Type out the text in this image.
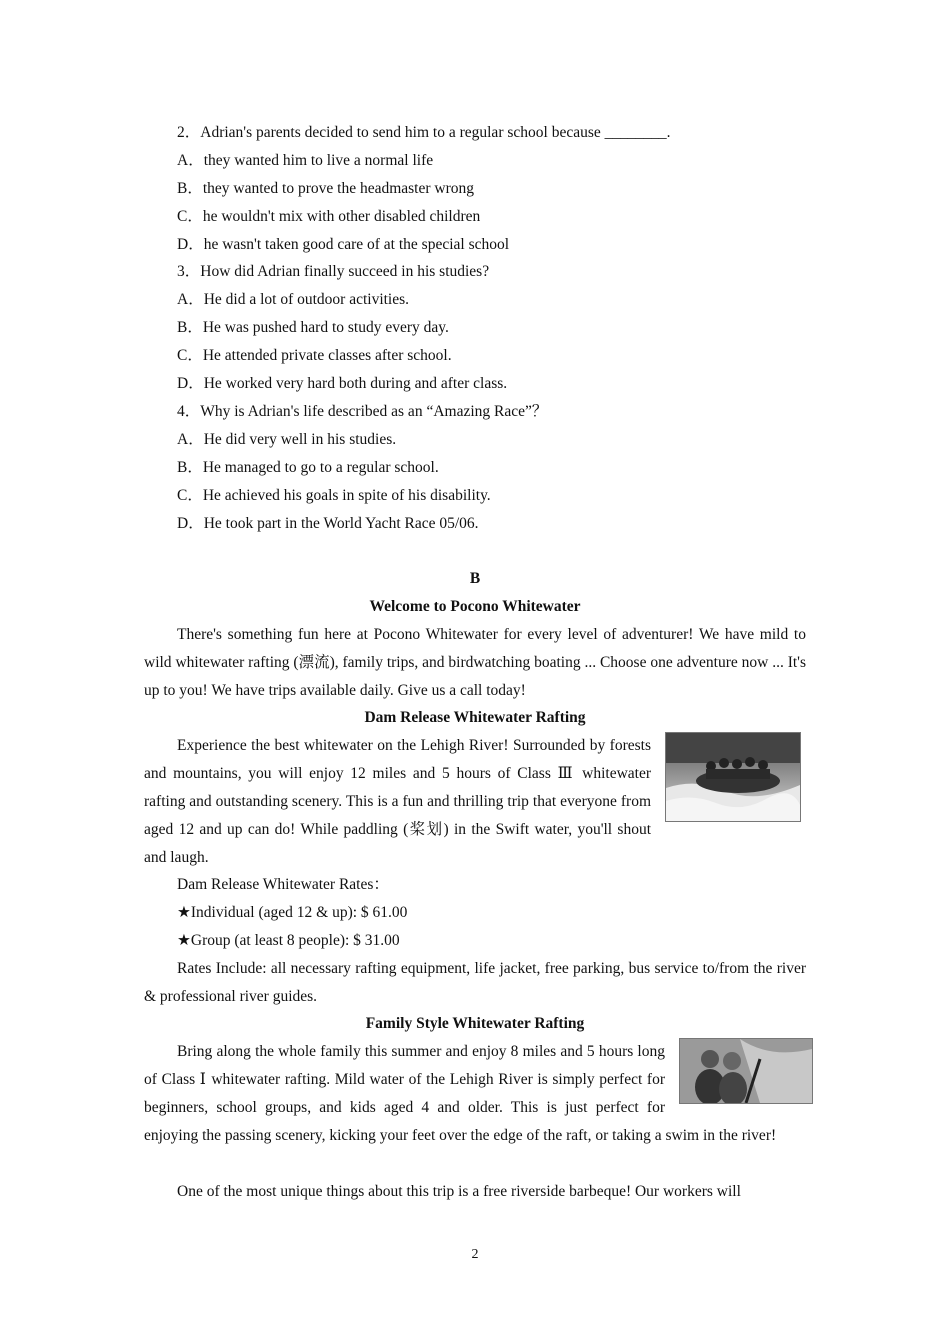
2．Adrian's parents decided to send him to a regular school because ________.
A．they wanted him to live a normal life
B．they wanted to prove the headmaster wrong
C．he wouldn't mix with other disabled children
D．he wasn't taken good care of at the special school
3．How did Adrian finally succeed in his studies?
A．He did a lot of outdoor activities.
B．He was pushed hard to study every day.
C．He attended private classes after school.
D．He worked very hard both during and after class.
4．Why is Adrian's life described as an “Amazing Race”？
A．He did very well in his studies.
B．He managed to go to a regular school.
C．He achieved his goals in spite of his disability.
D．He took part in the World Yacht Race 05/06.
B
Welcome to Pocono Whitewater

There's something fun here at Pocono Whitewater for every level of adventurer! We have mild to wild whitewater rafting (漂流), family trips, and birdwatching boating ... Choose one adventure now ... It's up to you! We have trips available daily. Give us a call today!

Dam Release Whitewater Rafting
Experience the best whitewater on the Lehigh River! Surrounded by forests and mountains, you will enjoy 12 miles and 5 hours of Class Ⅲ whitewater rafting and outstanding scenery. This is a fun and thrilling trip that everyone from aged 12 and up can do! While paddling (桨划) in the Swift water, you'll shout and laugh.
Dam Release Whitewater Rates：
★Individual (aged 12 & up): $ 61.00
★Group (at least 8 people): $ 31.00

Rates Include: all necessary rafting equipment, life jacket, free parking, bus service to/from the river & professional river guides.

Family Style Whitewater Rafting
Bring along the whole family this summer and enjoy 8 miles and 5 hours long of Class Ⅰ whitewater rafting. Mild water of the Lehigh River is simply perfect for beginners, school groups, and kids aged 4 and older. This is just perfect for enjoying the passing scenery, kicking your feet over the edge of the raft, or taking a swim in the river!

One of the most unique things about this trip is a free riverside barbeque! Our workers will

2
